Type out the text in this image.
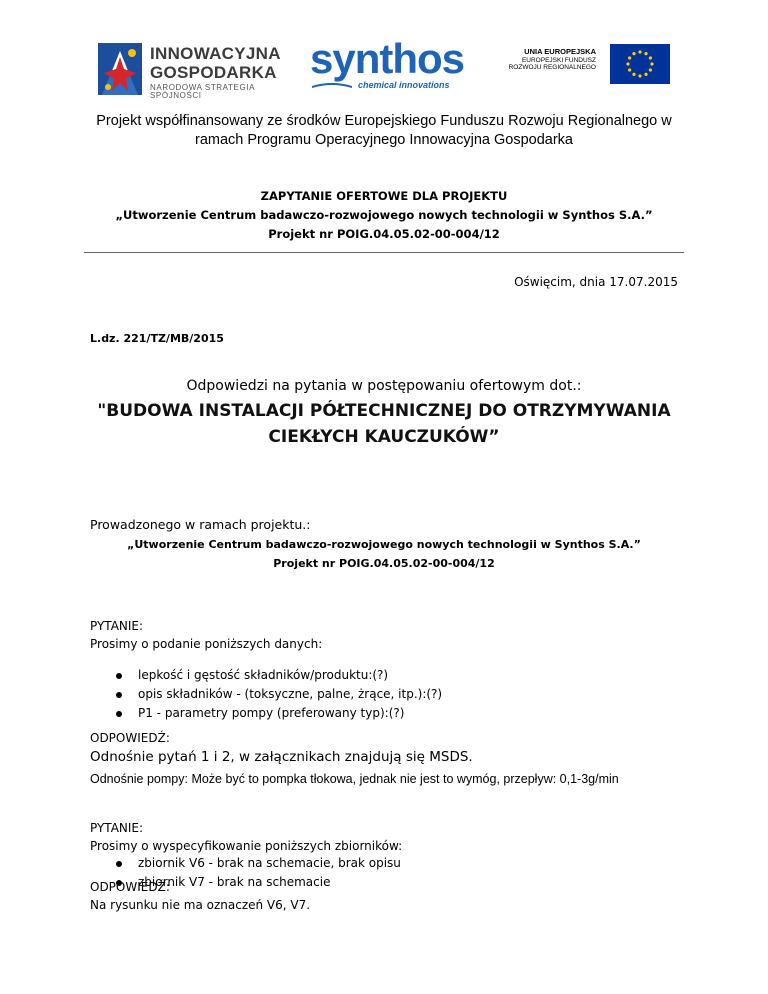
INNOWACYJNA
GOSPODARKA
NARODOWA STRATEGIA SPÓJNOŚCI
synthos
chemical innovations
UNIA EUROPEJSKA
EUROPEJSKI FUNDUSZ
ROZWOJU REGIONALNEGO
Projekt współfinansowany ze środków Europejskiego Funduszu Rozwoju Regionalnego w
ramach Programu Operacyjnego Innowacyjna Gospodarka
ZAPYTANIE OFERTOWE DLA PROJEKTU
„Utworzenie Centrum badawczo-rozwojowego nowych technologii w Synthos S.A.”
Projekt nr POIG.04.05.02-00-004/12
Oświęcim, dnia 17.07.2015
L.dz. 221/TZ/MB/2015
Odpowiedzi na pytania w postępowaniu ofertowym dot.:
"BUDOWA INSTALACJI PÓŁTECHNICZNEJ DO OTRZYMYWANIA
CIEKŁYCH KAUCZUKÓW”
Prowadzonego w ramach projektu.:
„Utworzenie Centrum badawczo-rozwojowego nowych technologii w Synthos S.A.”
Projekt nr POIG.04.05.02-00-004/12
PYTANIE:
Prosimy o podanie poniższych danych:
lepkość i gęstość składników/produktu:(?)
opis składników - (toksyczne, palne, żrące, itp.):(?)
P1 - parametry pompy (preferowany typ):(?)
ODPOWIEDŹ:
Odnośnie pytań 1 i 2, w załącznikach znajdują się MSDS.
Odnośnie pompy: Może być to pompka tłokowa, jednak nie jest to wymóg, przepływ: 0,1-3g/min
PYTANIE:
Prosimy o wyspecyfikowanie poniższych zbiorników:
zbiornik V6 - brak na schemacie, brak opisu
zbiornik V7 - brak na schemacie
ODPOWIEDŹ:
Na rysunku nie ma oznaczeń V6, V7.
